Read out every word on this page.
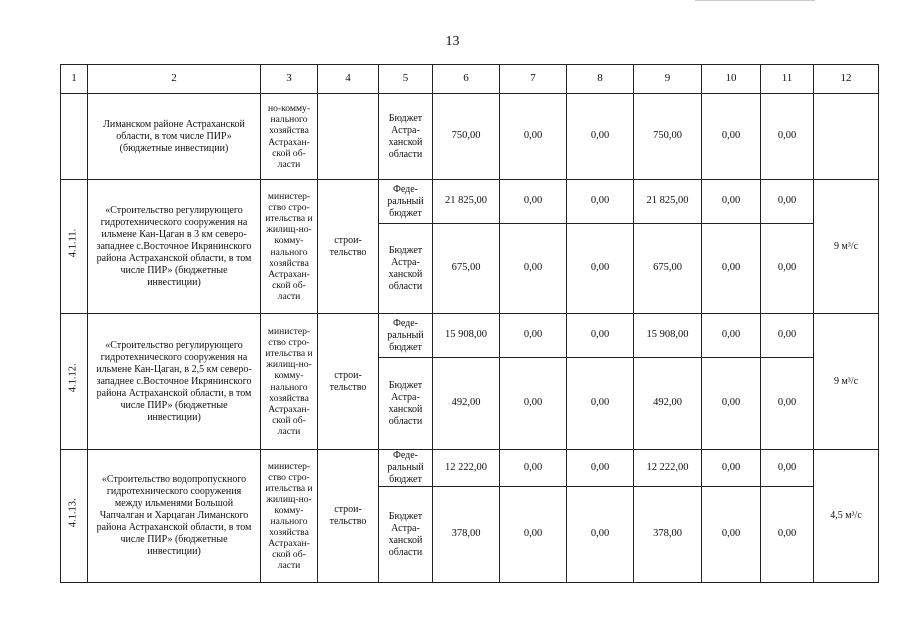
13
1	2	3	4	5	6	7	8	9	10	11	12
	Лиманском районе Астраханской области, в том числе ПИР» (бюджетные инвестиции)	но-комму-нального хозяйства Астрахан-ской об-ласти		Бюджет Астра-ханской области	750,00	0,00	0,00	750,00	0,00	0,00	

4.1.11.	«Строительство регулирующего гидротехнического сооружения на ильмене Кан-Цаган в 3 км северо-западнее с.Восточное Икрянинского района Астраханской области, в том числе ПИР» (бюджетные инвестиции)	министер-ство стро-ительства и жилищ-но-комму-нального хозяйства Астрахан-ской об-ласти	строи-тельство	Феде-ральный бюджет	21 825,00	0,00	0,00	21 825,00	0,00	0,00	9 м³/с
				Бюджет Астра-ханской области	675,00	0,00	0,00	675,00	0,00	0,00	

4.1.12.	«Строительство регулирующего гидротехнического сооружения на ильмене Кан-Цаган, в 2,5 км северо-западнее с.Восточное Икрянинского района Астраханской области, в том числе ПИР» (бюджетные инвестиции)	министер-ство стро-ительства и жилищ-но-комму-нального хозяйства Астрахан-ской об-ласти	строи-тельство	Феде-ральный бюджет	15 908,00	0,00	0,00	15 908,00	0,00	0,00	9 м³/с
				Бюджет Астра-ханской области	492,00	0,00	0,00	492,00	0,00	0,00	

4.1.13.	«Строительство водопропускного гидротехнического сооружения между ильменями Большой Чапчалган и Харцаган Лиманского района Астраханской области, в том числе ПИР» (бюджетные инвестиции)	министер-ство стро-ительства и жилищ-но-комму-нального хозяйства Астрахан-ской об-ласти	строи-тельство	Феде-ральный бюджет	12 222,00	0,00	0,00	12 222,00	0,00	0,00	4,5 м³/с
				Бюджет Астра-ханской области	378,00	0,00	0,00	378,00	0,00	0,00	
